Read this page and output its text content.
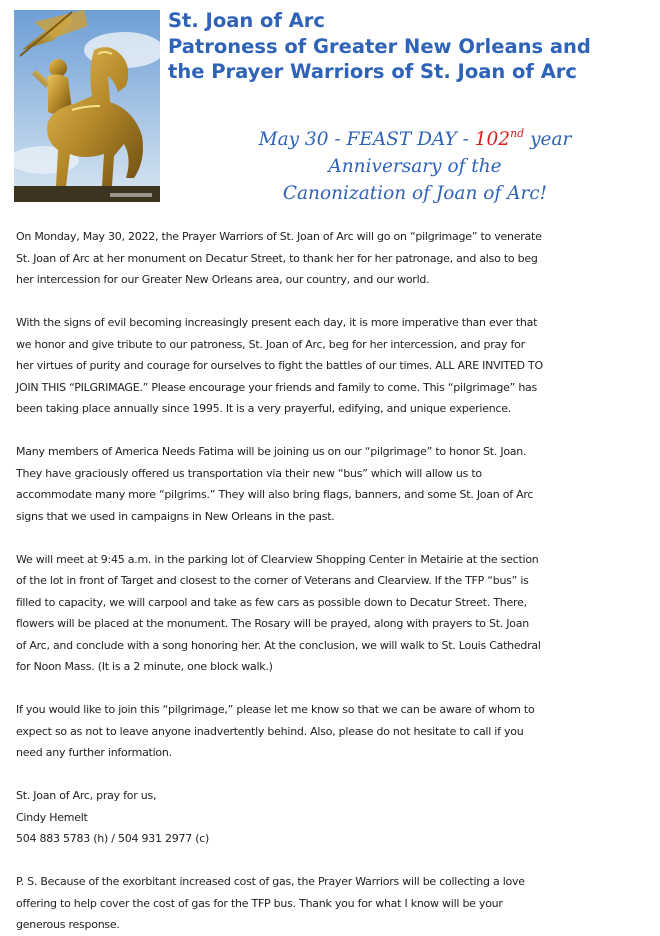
St. Joan of Arc
Patroness of Greater New Orleans and
the Prayer Warriors of St. Joan of Arc
May 30 - FEAST DAY - 102nd year
Anniversary of the
Canonization of Joan of Arc!
On Monday, May 30, 2022, the Prayer Warriors of St. Joan of Arc will go on “pilgrimage” to venerate
St. Joan of Arc at her monument on Decatur Street, to thank her for her patronage, and also to beg
her intercession for our Greater New Orleans area, our country, and our world.
With the signs of evil becoming increasingly present each day, it is more imperative than ever that
we honor and give tribute to our patroness, St. Joan of Arc, beg for her intercession, and pray for
her virtues of purity and courage for ourselves to fight the battles of our times. ALL ARE INVITED TO
JOIN THIS “PILGRIMAGE.” Please encourage your friends and family to come. This “pilgrimage” has
been taking place annually since 1995. It is a very prayerful, edifying, and unique experience.
Many members of America Needs Fatima will be joining us on our “pilgrimage” to honor St. Joan.
They have graciously offered us transportation via their new “bus” which will allow us to
accommodate many more “pilgrims.” They will also bring flags, banners, and some St. Joan of Arc
signs that we used in campaigns in New Orleans in the past.
We will meet at 9:45 a.m. in the parking lot of Clearview Shopping Center in Metairie at the section
of the lot in front of Target and closest to the corner of Veterans and Clearview. If the TFP “bus” is
filled to capacity, we will carpool and take as few cars as possible down to Decatur Street. There,
flowers will be placed at the monument. The Rosary will be prayed, along with prayers to St. Joan
of Arc, and conclude with a song honoring her. At the conclusion, we will walk to St. Louis Cathedral
for Noon Mass. (It is a 2 minute, one block walk.)
If you would like to join this “pilgrimage,” please let me know so that we can be aware of whom to
expect so as not to leave anyone inadvertently behind. Also, please do not hesitate to call if you
need any further information.
St. Joan of Arc, pray for us,
Cindy Hemelt
504 883 5783 (h) / 504 931 2977 (c)
P. S. Because of the exorbitant increased cost of gas, the Prayer Warriors will be collecting a love
offering to help cover the cost of gas for the TFP bus. Thank you for what I know will be your
generous response.
